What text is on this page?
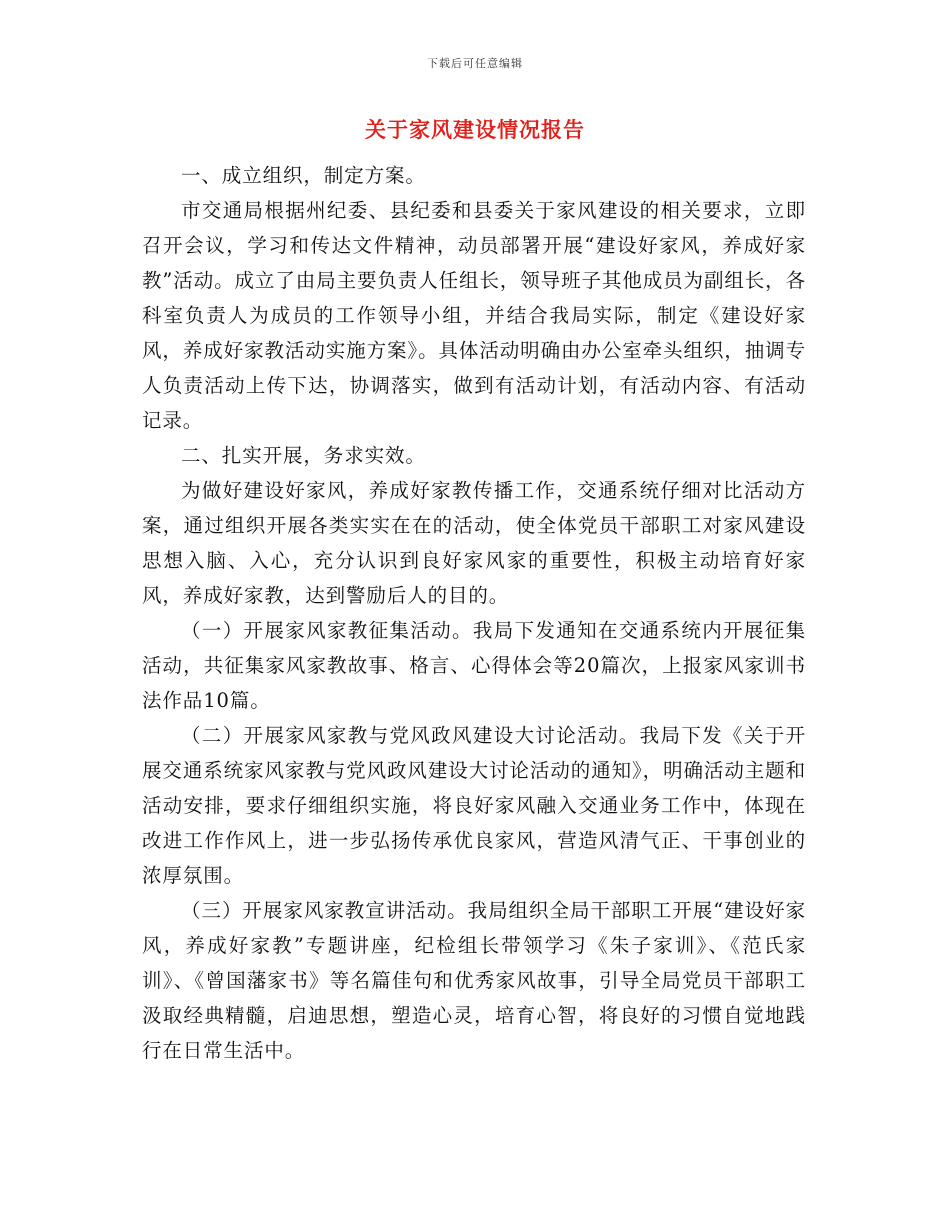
下载后可任意编辑
关于家风建设情况报告

一、成立组织，制定方案。

市交通局根据州纪委、县纪委和县委关于家风建设的相关要求，立即召开会议，学习和传达文件精神，动员部署开展“建设好家风，养成好家教”活动。成立了由局主要负责人任组长，领导班子其他成员为副组长，各科室负责人为成员的工作领导小组，并结合我局实际，制定《建设好家风，养成好家教活动实施方案》。具体活动明确由办公室牵头组织，抽调专人负责活动上传下达，协调落实，做到有活动计划，有活动内容、有活动记录。

二、扎实开展，务求实效。

为做好建设好家风，养成好家教传播工作，交通系统仔细对比活动方案，通过组织开展各类实实在在的活动，使全体党员干部职工对家风建设思想入脑、入心，充分认识到良好家风家的重要性，积极主动培育好家风，养成好家教，达到警励后人的目的。

（一）开展家风家教征集活动。我局下发通知在交通系统内开展征集活动，共征集家风家教故事、格言、心得体会等20篇次，上报家风家训书法作品10篇。

（二）开展家风家教与党风政风建设大讨论活动。我局下发《关于开展交通系统家风家教与党风政风建设大讨论活动的通知》，明确活动主题和活动安排，要求仔细组织实施，将良好家风融入交通业务工作中，体现在改进工作作风上，进一步弘扬传承优良家风，营造风清气正、干事创业的浓厚氛围。

（三）开展家风家教宣讲活动。我局组织全局干部职工开展“建设好家风，养成好家教”专题讲座，纪检组长带领学习《朱子家训》、《范氏家训》、《曾国藩家书》等名篇佳句和优秀家风故事，引导全局党员干部职工汲取经典精髓，启迪思想，塑造心灵，培育心智，将良好的习惯自觉地践行在日常生活中。
